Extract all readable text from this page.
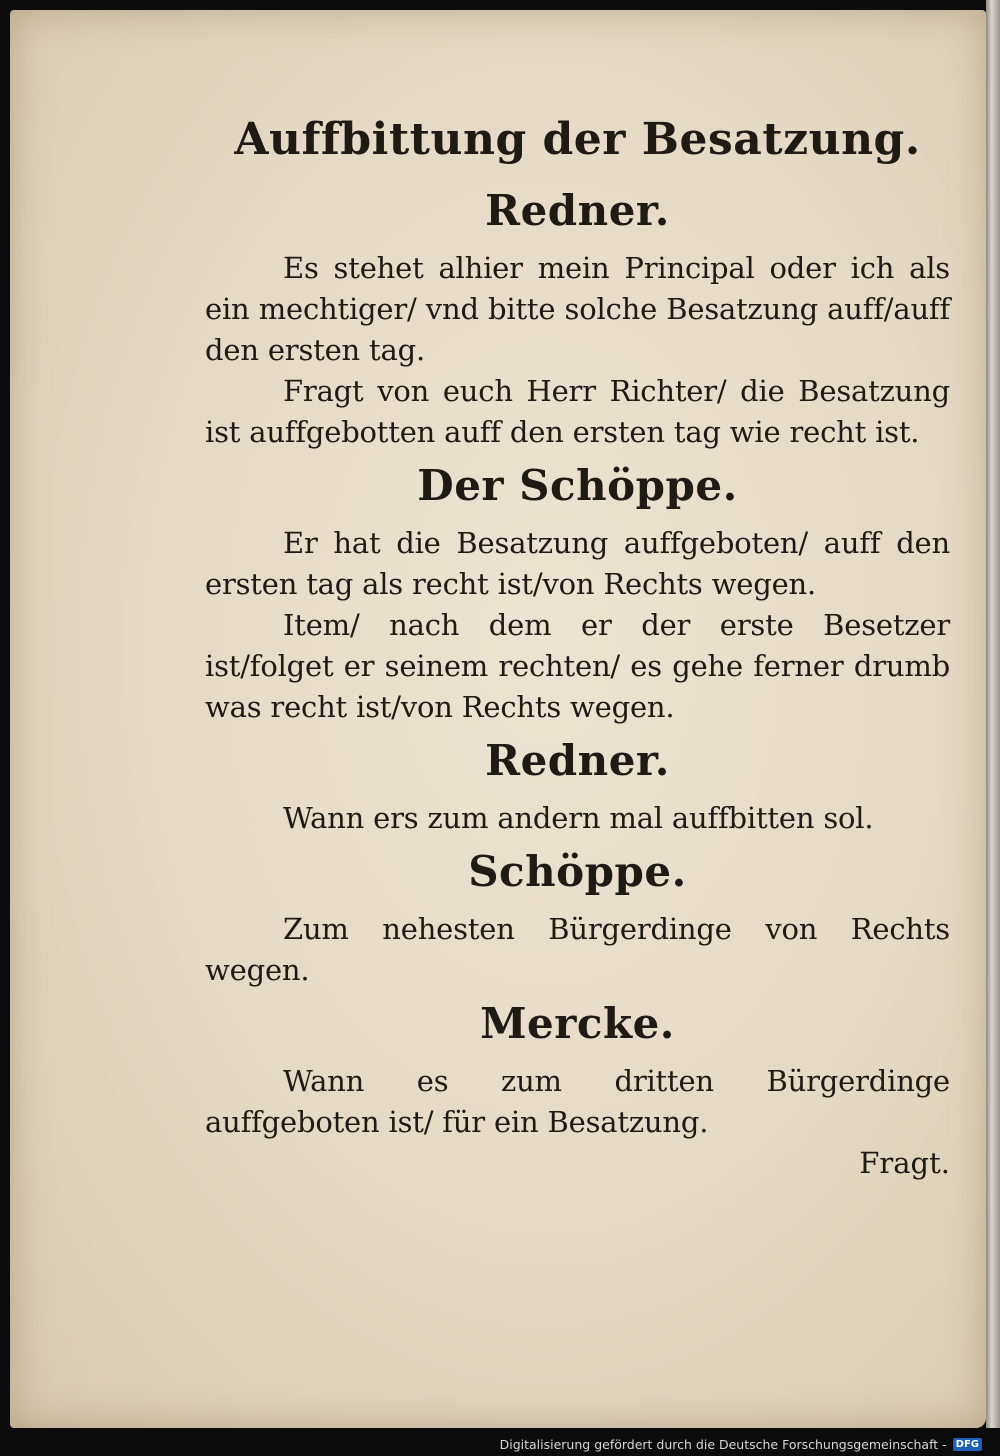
Auffbittung der Besatzung.
Redner.

Es stehet alhier mein Principal oder ich als ein mechtiger/ vnd bitte solche Besatzung auff/auff den ersten tag.

Fragt von euch Herr Richter/ die Besatzung ist auffgebotten auff den ersten tag wie recht ist.

Der Schöppe.

Er hat die Besatzung auffgeboten/ auff den ersten tag als recht ist/von Rechts wegen.

Item/ nach dem er der erste Besetzer ist/folget er seinem rechten/ es gehe ferner drumb was recht ist/von Rechts wegen.

Redner.

Wann ers zum andern mal auffbitten sol.

Schöppe.

Zum nehesten Bürgerdinge von Rechts wegen.

Mercke.

Wann es zum dritten Bürgerdinge auffgeboten ist/ für ein Besatzung.

Fragt.
Digitalisierung gefördert durch die Deutsche Forschungsgemeinschaft - DFG
